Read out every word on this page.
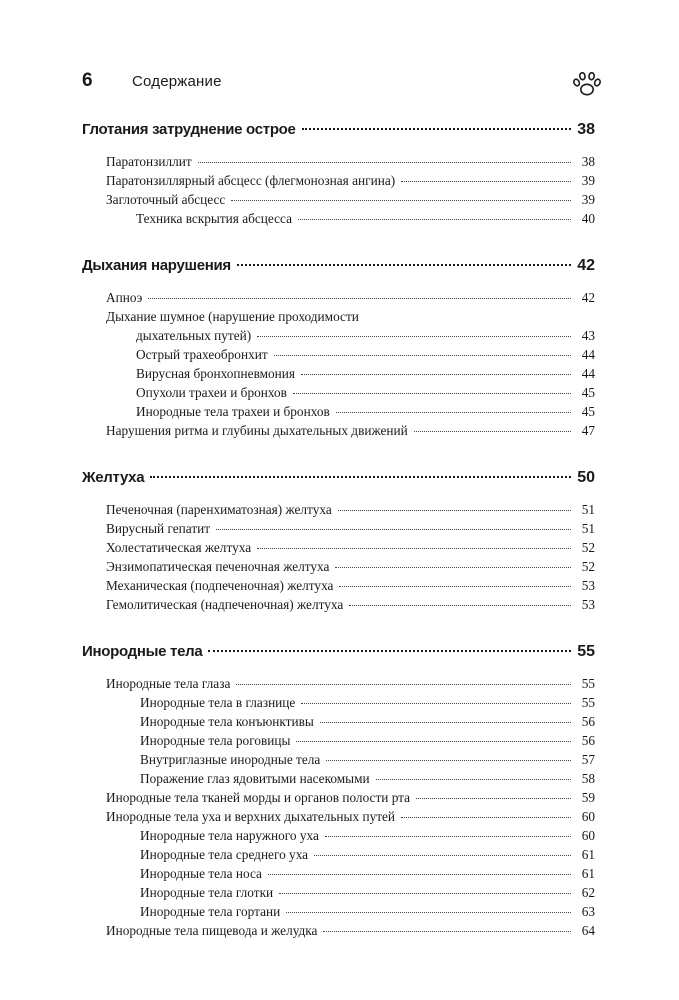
6	Содержание
Глотания затруднение острое	38
Паратонзиллит	38
Паратонзиллярный абсцесс (флегмонозная ангина)	39
Заглоточный абсцесс	39
Техника вскрытия абсцесса	40
Дыхания нарушения	42
Апноэ	42
Дыхание шумное (нарушение проходимости
дыхательных путей)	43
Острый трахеобронхит	44
Вирусная бронхопневмония	44
Опухоли трахеи и бронхов	45
Инородные тела трахеи и бронхов	45
Нарушения ритма и глубины дыхательных движений	47
Желтуха	50
Печеночная (паренхиматозная) желтуха	51
Вирусный гепатит	51
Холестатическая желтуха	52
Энзимопатическая печеночная желтуха	52
Механическая (подпеченочная) желтуха	53
Гемолитическая (надпеченочная) желтуха	53
Инородные тела	55
Инородные тела глаза	55
Инородные тела в глазнице	55
Инородные тела конъюнктивы	56
Инородные тела роговицы	56
Внутриглазные инородные тела	57
Поражение глаз ядовитыми насекомыми	58
Инородные тела тканей морды и органов полости рта	59
Инородные тела уха и верхних дыхательных путей	60
Инородные тела наружного уха	60
Инородные тела среднего уха	61
Инородные тела носа	61
Инородные тела глотки	62
Инородные тела гортани	63
Инородные тела пищевода и желудка	64
